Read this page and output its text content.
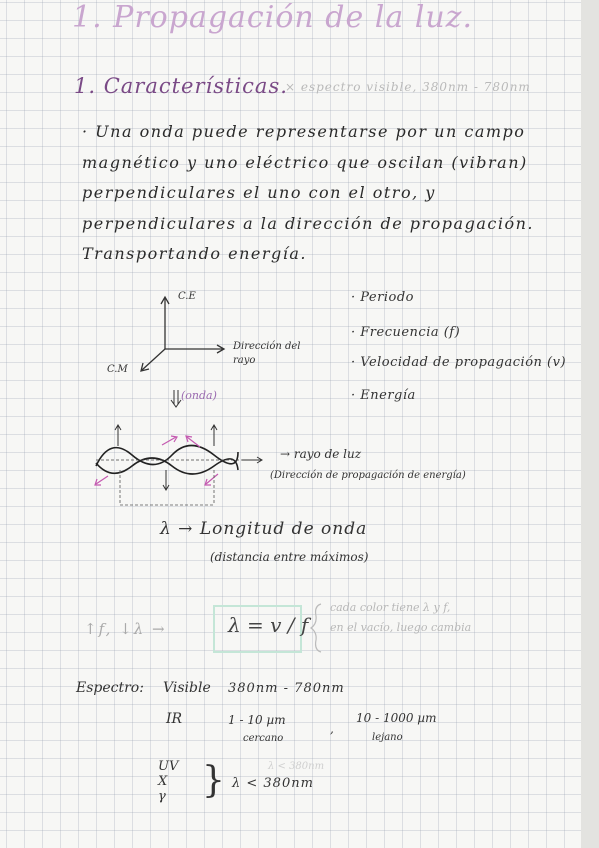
1. Propagación de la luz.
1. Características.
× espectro visible, 380nm - 780nm
· Una onda puede representarse por un campo magnético y uno eléctrico que oscilan (vibran) perpendiculares el uno con el otro, y perpendiculares a la dirección de propagación. Transportando energía.
C.E
C.M
Dirección del rayo
(onda)
· Periodo
· Frecuencia (f)
· Velocidad de propagación (v)
· Energía
→ rayo de luz
(Dirección de propagación de energía)
λ → Longitud de onda
(distancia entre máximos)
↑f, ↓λ →	λ = v / f
cada color tiene λ y f,
en el vacío, luego cambia
Espectro: Visible 380nm - 780nm
IR	1 - 10 µm
cercano
,
10 - 1000 µm
lejano
UV
X
γ	}	λ < 380nm
λ < 380nm
